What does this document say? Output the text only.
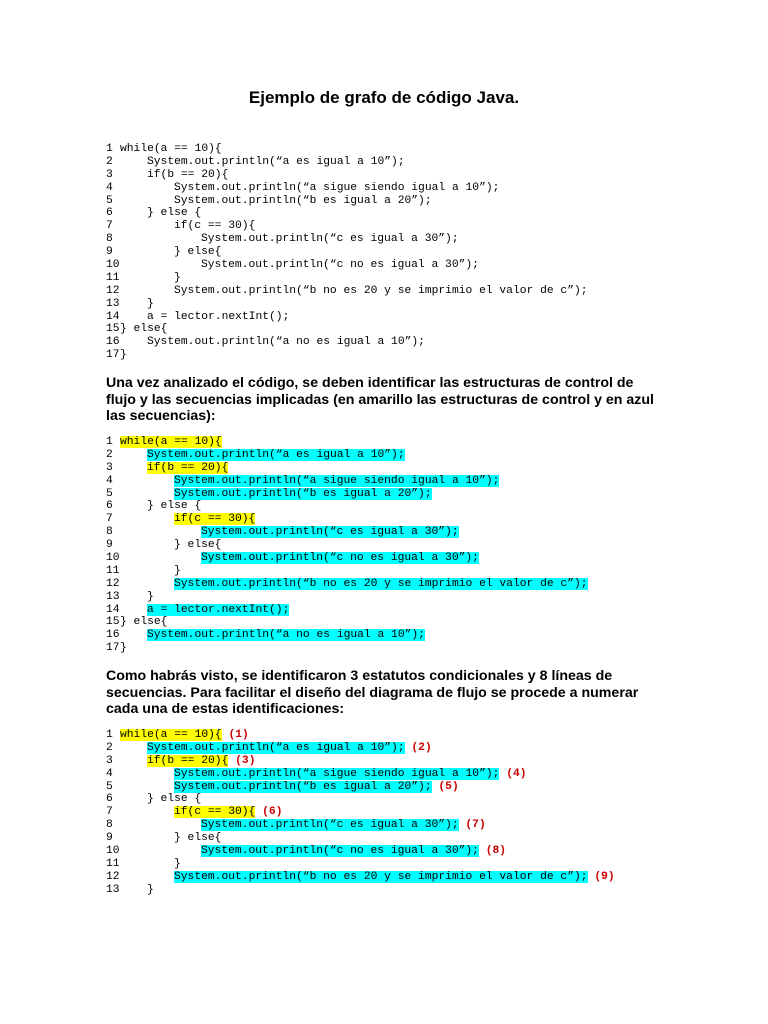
Ejemplo de grafo de código Java.
1 while(a == 10){
2	System.out.println(“a es igual a 10”);
3	if(b == 20){
4	System.out.println(“a sigue siendo igual a 10”);
5	System.out.println(“b es igual a 20”);
6	} else {
7	if(c == 30){
8	System.out.println(“c es igual a 30”);
9	} else{
10	System.out.println(“c no es igual a 30”);
11	}
12	System.out.println(“b no es 20 y se imprimio el valor de c”);
13 }
14 a = lector.nextInt();
15} else{
16 System.out.println(“a no es igual a 10”);
17}
Una vez analizado el código, se deben identificar las estructuras de control de flujo y las secuencias implicadas (en amarillo las estructuras de control y en azul las secuencias):
1 while(a == 10){
2	System.out.println(“a es igual a 10”);
3	if(b == 20){
4	System.out.println(“a sigue siendo igual a 10”);
5	System.out.println(“b es igual a 20”);
6	} else {
7	if(c == 30){
8	System.out.println(“c es igual a 30”);
9	} else{
10	System.out.println(“c no es igual a 30”);
11	}
12	System.out.println(“b no es 20 y se imprimio el valor de c”);
13 }
14 a = lector.nextInt();
15} else{
16 System.out.println(“a no es igual a 10”);
17}
Como habrás visto, se identificaron 3 estatutos condicionales y 8 líneas de secuencias. Para facilitar el diseño del diagrama de flujo se procede a numerar cada una de estas identificaciones:
1 while(a == 10){ (1)
2	System.out.println(“a es igual a 10”); (2)
3	if(b == 20){ (3)
4	System.out.println(“a sigue siendo igual a 10”); (4)
5	System.out.println(“b es igual a 20”); (5)
6	} else {
7	if(c == 30){ (6)
8	System.out.println(“c es igual a 30”); (7)
9	} else{
10	System.out.println(“c no es igual a 30”); (8)
11	}
12	System.out.println(“b no es 20 y se imprimio el valor de c”); (9)
13 }
